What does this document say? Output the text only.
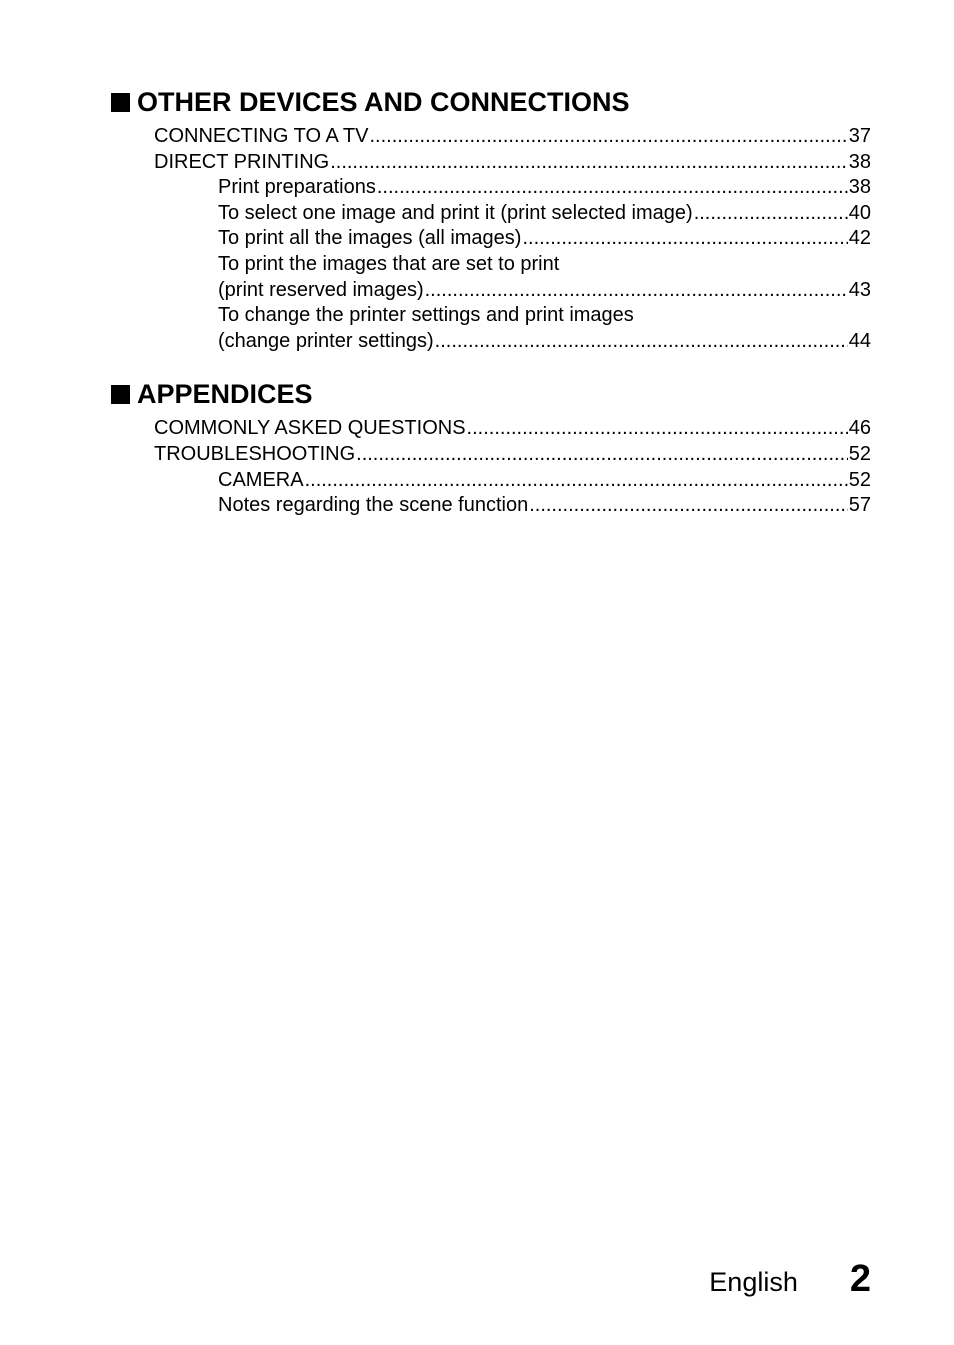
OTHER DEVICES AND CONNECTIONS
CONNECTING TO A TV .....	37
DIRECT PRINTING .....	38
Print preparations .....	38
To select one image and print it (print selected image) .....	40
To print all the images (all images) .....	42
To print the images that are set to print
(print reserved images) .....	43
To change the printer settings and print images
(change printer settings) .....	44
APPENDICES
COMMONLY ASKED QUESTIONS .....	46
TROUBLESHOOTING .....	52
CAMERA .....	52
Notes regarding the scene function .....	57
English 2
